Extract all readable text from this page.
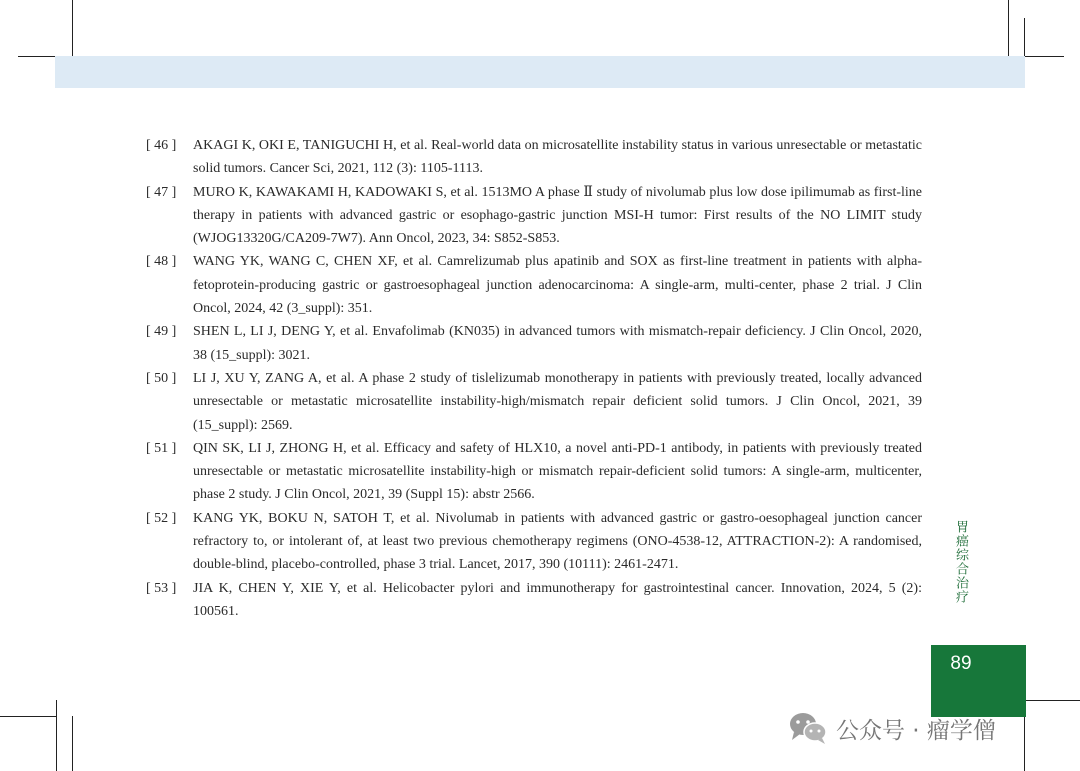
[ 46 ]	AKAGI K, OKI E, TANIGUCHI H, et al. Real-world data on microsatellite instability status in various unresectable or metastatic solid tumors. Cancer Sci, 2021, 112 (3): 1105-1113.
[ 47 ]	MURO K, KAWAKAMI H, KADOWAKI S, et al. 1513MO A phase Ⅱ study of nivolumab plus low dose ipilimumab as first-line therapy in patients with advanced gastric or esophago-gastric junction MSI-H tumor: First results of the NO LIMIT study (WJOG13320G/CA209-7W7). Ann Oncol, 2023, 34: S852-S853.
[ 48 ]	WANG YK, WANG C, CHEN XF, et al. Camrelizumab plus apatinib and SOX as first-line treatment in patients with alpha-fetoprotein-producing gastric or gastroesophageal junction adenocarcinoma: A single-arm, multi-center, phase 2 trial. J Clin Oncol, 2024, 42 (3_suppl): 351.
[ 49 ]	SHEN L, LI J, DENG Y, et al. Envafolimab (KN035) in advanced tumors with mismatch-repair deficiency. J Clin Oncol, 2020, 38 (15_suppl): 3021.
[ 50 ]	LI J, XU Y, ZANG A, et al. A phase 2 study of tislelizumab monotherapy in patients with previously treated, locally advanced unresectable or metastatic microsatellite instability-high/mismatch repair deficient solid tumors. J Clin Oncol, 2021, 39 (15_suppl): 2569.
[ 51 ]	QIN SK, LI J, ZHONG H, et al. Efficacy and safety of HLX10, a novel anti-PD-1 antibody, in patients with previously treated unresectable or metastatic microsatellite instability-high or mismatch repair-deficient solid tumors: A single-arm, multicenter, phase 2 study. J Clin Oncol, 2021, 39 (Suppl 15): abstr 2566.
[ 52 ]	KANG YK, BOKU N, SATOH T, et al. Nivolumab in patients with advanced gastric or gastro-oesophageal junction cancer refractory to, or intolerant of, at least two previous chemotherapy regimens (ONO-4538-12, ATTRACTION-2): A randomised, double-blind, placebo-controlled, phase 3 trial. Lancet, 2017, 390 (10111): 2461-2471.
[ 53 ]	JIA K, CHEN Y, XIE Y, et al. Helicobacter pylori and immunotherapy for gastrointestinal cancer. Innovation, 2024, 5 (2): 100561.
胃癌综合治疗
89
公众号 · 瘤学僧
